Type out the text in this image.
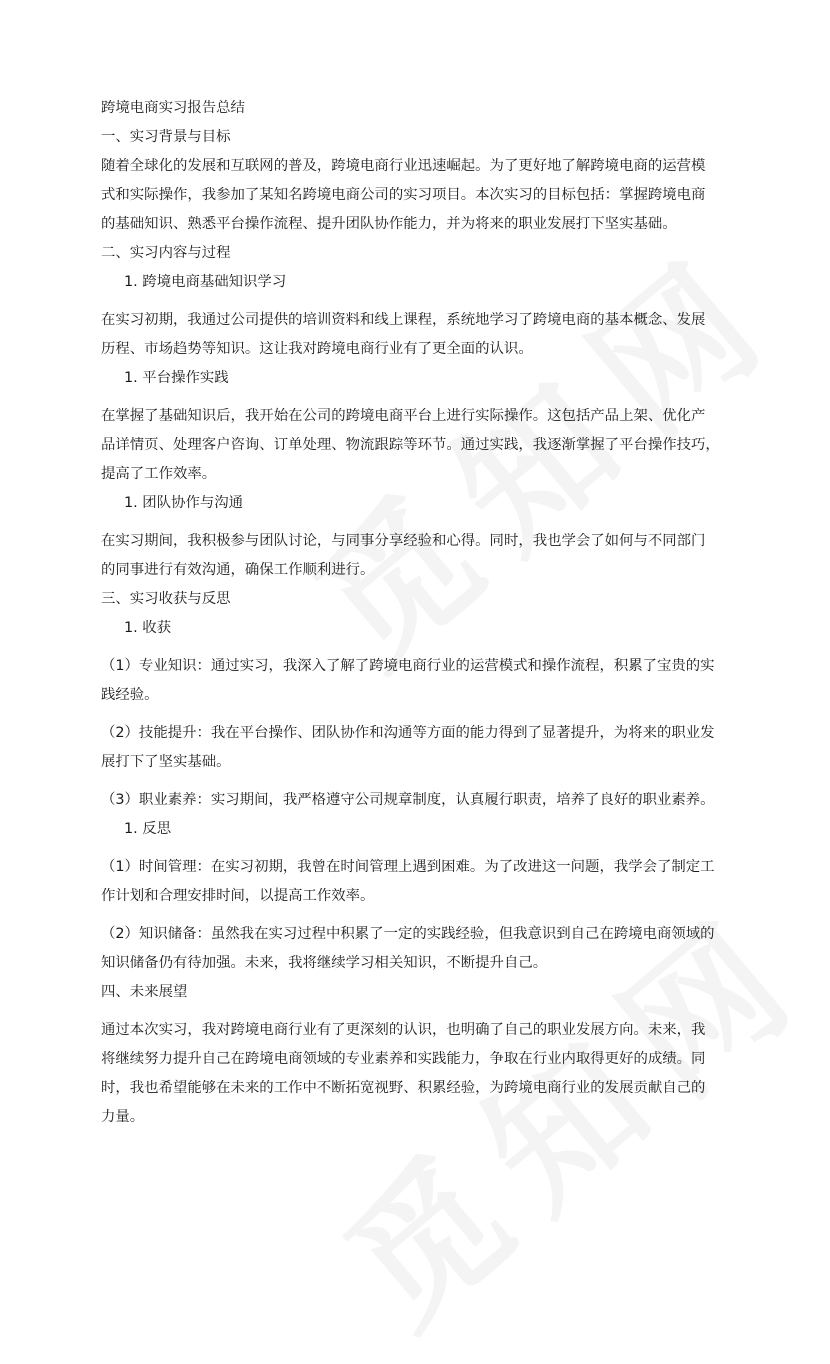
跨境电商实习报告总结
一、实习背景与目标
随着全球化的发展和互联网的普及，跨境电商行业迅速崛起。为了更好地了解跨境电商的运营模
式和实际操作，我参加了某知名跨境电商公司的实习项目。本次实习的目标包括：掌握跨境电商
的基础知识、熟悉平台操作流程、提升团队协作能力，并为将来的职业发展打下坚实基础。
二、实习内容与过程
1. 跨境电商基础知识学习
在实习初期，我通过公司提供的培训资料和线上课程，系统地学习了跨境电商的基本概念、发展
历程、市场趋势等知识。这让我对跨境电商行业有了更全面的认识。
1. 平台操作实践
在掌握了基础知识后，我开始在公司的跨境电商平台上进行实际操作。这包括产品上架、优化产
品详情页、处理客户咨询、订单处理、物流跟踪等环节。通过实践，我逐渐掌握了平台操作技巧，
提高了工作效率。
1. 团队协作与沟通
在实习期间，我积极参与团队讨论，与同事分享经验和心得。同时，我也学会了如何与不同部门
的同事进行有效沟通，确保工作顺利进行。
三、实习收获与反思
1. 收获
（1）专业知识：通过实习，我深入了解了跨境电商行业的运营模式和操作流程，积累了宝贵的实
践经验。
（2）技能提升：我在平台操作、团队协作和沟通等方面的能力得到了显著提升，为将来的职业发
展打下了坚实基础。
（3）职业素养：实习期间，我严格遵守公司规章制度，认真履行职责，培养了良好的职业素养。
1. 反思
（1）时间管理：在实习初期，我曾在时间管理上遇到困难。为了改进这一问题，我学会了制定工
作计划和合理安排时间，以提高工作效率。
（2）知识储备：虽然我在实习过程中积累了一定的实践经验，但我意识到自己在跨境电商领域的
知识储备仍有待加强。未来，我将继续学习相关知识，不断提升自己。
四、未来展望
通过本次实习，我对跨境电商行业有了更深刻的认识，也明确了自己的职业发展方向。未来，我
将继续努力提升自己在跨境电商领域的专业素养和实践能力，争取在行业内取得更好的成绩。同
时，我也希望能够在未来的工作中不断拓宽视野、积累经验，为跨境电商行业的发展贡献自己的
力量。
